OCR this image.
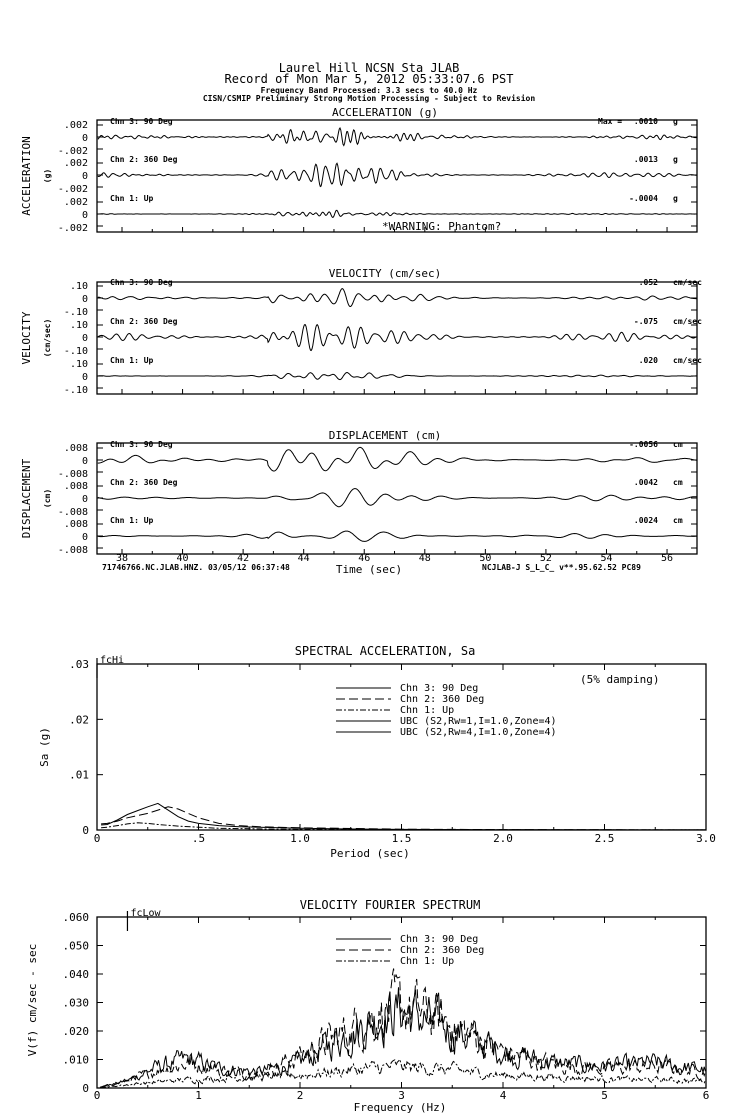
Laurel Hill NCSN Sta JLAB
Record of Mon Mar 5, 2012 05:33:07.6 PST
Frequency Band Processed: 3.3 secs to 40.0 Hz
CISN/CSMIP Preliminary Strong Motion Processing - Subject to Revision
Time (sec)
71746766.NC.JLAB.HNZ. 03/05/12 06:37:48	NCJLAB-J S_L_C_ v**.95.62.52 PC89
*WARNING: Phantom?
SPECTRAL ACCELERATION, Sa
Period (sec)
Sa (g)
(5% damping)
VELOCITY FOURIER SPECTRUM
Frequency (Hz)
V(f) cm/sec - sec
ACCELERATION (g)
ACCELERATION (g)
.002
0
-.002
Chn 3: 90 Deg	Max = .0010 g
.002
0
-.002
Chn 2: 360 Deg	.0013 g
.002
0
-.002
Chn 1: Up	-.0004 g
VELOCITY (cm/sec)
VELOCITY (cm/sec)
.10
0
-.10
Chn 3: 90 Deg	.052 cm/sec
.10
0
-.10
Chn 2: 360 Deg	-.075 cm/sec
.10
0
-.10
Chn 1: Up	.020 cm/sec
DISPLACEMENT (cm)
DISPLACEMENT (cm)
.008
0
-.008
Chn 3: 90 Deg	-.0056 cm
.008
0
-.008
Chn 2: 360 Deg	.0042 cm
.008
0
-.008
Chn 1: Up	.0024 cm
38	40	42	44	46	48	50	52	54	56
0	.5	1.0	1.5	2.0	2.5	3.0
0
.01
.02
.03 fcHi
Chn 3: 90 Deg
Chn 2: 360 Deg
Chn 1: Up
UBC (S2,Rw=1,I=1.0,Zone=4)
UBC (S2,Rw=4,I=1.0,Zone=4)
0	1	2	3	4	5	6
0
.010
.020
.030
.040
.050
.060	fcLow
Chn 3: 90 Deg
Chn 2: 360 Deg
Chn 1: Up
